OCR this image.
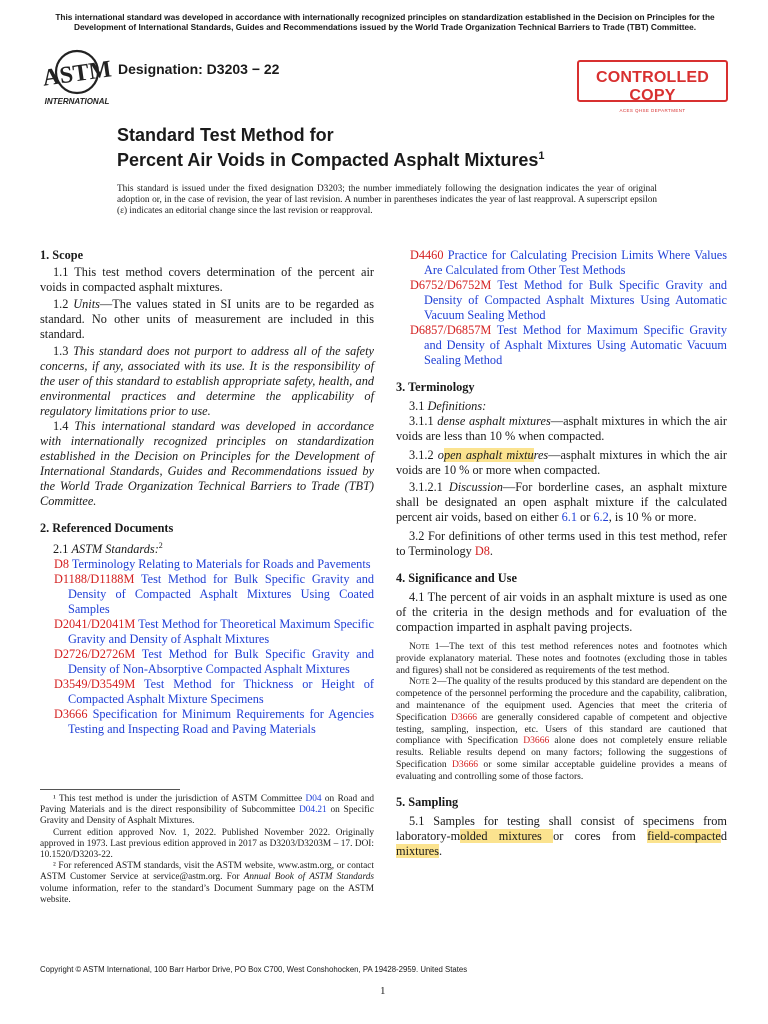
This international standard was developed in accordance with internationally recognized principles on standardization established in the Decision on Principles for the Development of International Standards, Guides and Recommendations issued by the World Trade Organization Technical Barriers to Trade (TBT) Committee.
ASTM
INTERNATIONAL
Designation: D3203 − 22	CONTROLLED COPY
ACES QHSE DEPARTMENT
Standard Test Method for
Percent Air Voids in Compacted Asphalt Mixtures$^1$
This standard is issued under the fixed designation D3203; the number immediately following the designation indicates the year of original adoption or, in the case of revision, the year of last revision. A number in parentheses indicates the year of last reapproval. A superscript epsilon (ε) indicates an editorial change since the last revision or reapproval.

1. Scope

1.1 This test method covers determination of the percent air voids in compacted asphalt mixtures.

1.2 Units—The values stated in SI units are to be regarded as standard. No other units of measurement are included in this standard.

1.3 This standard does not purport to address all of the safety concerns, if any, associated with its use. It is the responsibility of the user of this standard to establish appropriate safety, health, and environmental practices and determine the applicability of regulatory limitations prior to use.

1.4 This international standard was developed in accordance with internationally recognized principles on standardization established in the Decision on Principles for the Development of International Standards, Guides and Recommendations issued by the World Trade Organization Technical Barriers to Trade (TBT) Committee.

2. Referenced Documents

2.1 ASTM Standards:$^2$

D8 Terminology Relating to Materials for Roads and Pavements

D1188/D1188M Test Method for Bulk Specific Gravity and Density of Compacted Asphalt Mixtures Using Coated Samples

D2041/D2041M Test Method for Theoretical Maximum Specific Gravity and Density of Asphalt Mixtures

D2726/D2726M Test Method for Bulk Specific Gravity and Density of Non-Absorptive Compacted Asphalt Mixtures

D3549/D3549M Test Method for Thickness or Height of Compacted Asphalt Mixture Specimens

D3666 Specification for Minimum Requirements for Agencies Testing and Inspecting Road and Paving Materials

¹ This test method is under the jurisdiction of ASTM Committee D04 on Road and Paving Materials and is the direct responsibility of Subcommittee D04.21 on Specific Gravity and Density of Asphalt Mixtures.

Current edition approved Nov. 1, 2022. Published November 2022. Originally approved in 1973. Last previous edition approved in 2017 as D3203/D3203M – 17. DOI: 10.1520/D3203-22.

² For referenced ASTM standards, visit the ASTM website, www.astm.org, or contact ASTM Customer Service at service@astm.org. For Annual Book of ASTM Standards volume information, refer to the standard’s Document Summary page on the ASTM website.

D4460 Practice for Calculating Precision Limits Where Values Are Calculated from Other Test Methods

D6752/D6752M Test Method for Bulk Specific Gravity and Density of Compacted Asphalt Mixtures Using Automatic Vacuum Sealing Method

D6857/D6857M Test Method for Maximum Specific Gravity and Density of Asphalt Mixtures Using Automatic Vacuum Sealing Method

3. Terminology

3.1 Definitions:

3.1.1 dense asphalt mixtures—asphalt mixtures in which the air voids are less than 10 % when compacted.

3.1.2 open asphalt mixtures—asphalt mixtures in which the air voids are 10 % or more when compacted.

3.1.2.1 Discussion—For borderline cases, an asphalt mixture shall be designated an open asphalt mixture if the calculated percent air voids, based on either 6.1 or 6.2, is 10 % or more.

3.2 For definitions of other terms used in this test method, refer to Terminology D8.

4. Significance and Use

4.1 The percent of air voids in an asphalt mixture is used as one of the criteria in the design methods and for evaluation of the compaction imparted in asphalt paving projects.

Note 1—The text of this test method references notes and footnotes which provide explanatory material. These notes and footnotes (excluding those in tables and figures) shall not be considered as requirements of the test method.

Note 2—The quality of the results produced by this standard are dependent on the competence of the personnel performing the procedure and the capability, calibration, and maintenance of the equipment used. Agencies that meet the criteria of Specification D3666 are generally considered capable of competent and objective testing, sampling, inspection, etc. Users of this standard are cautioned that compliance with Specification D3666 alone does not completely ensure reliable results. Reliable results depend on many factors; following the suggestions of Specification D3666 or some similar acceptable guideline provides a means of evaluating and controlling some of those factors.

5. Sampling

5.1 Samples for testing shall consist of specimens from laboratory-molded mixtures or cores from field-compacted mixtures.

Copyright © ASTM International, 100 Barr Harbor Drive, PO Box C700, West Conshohocken, PA 19428-2959. United States
1
